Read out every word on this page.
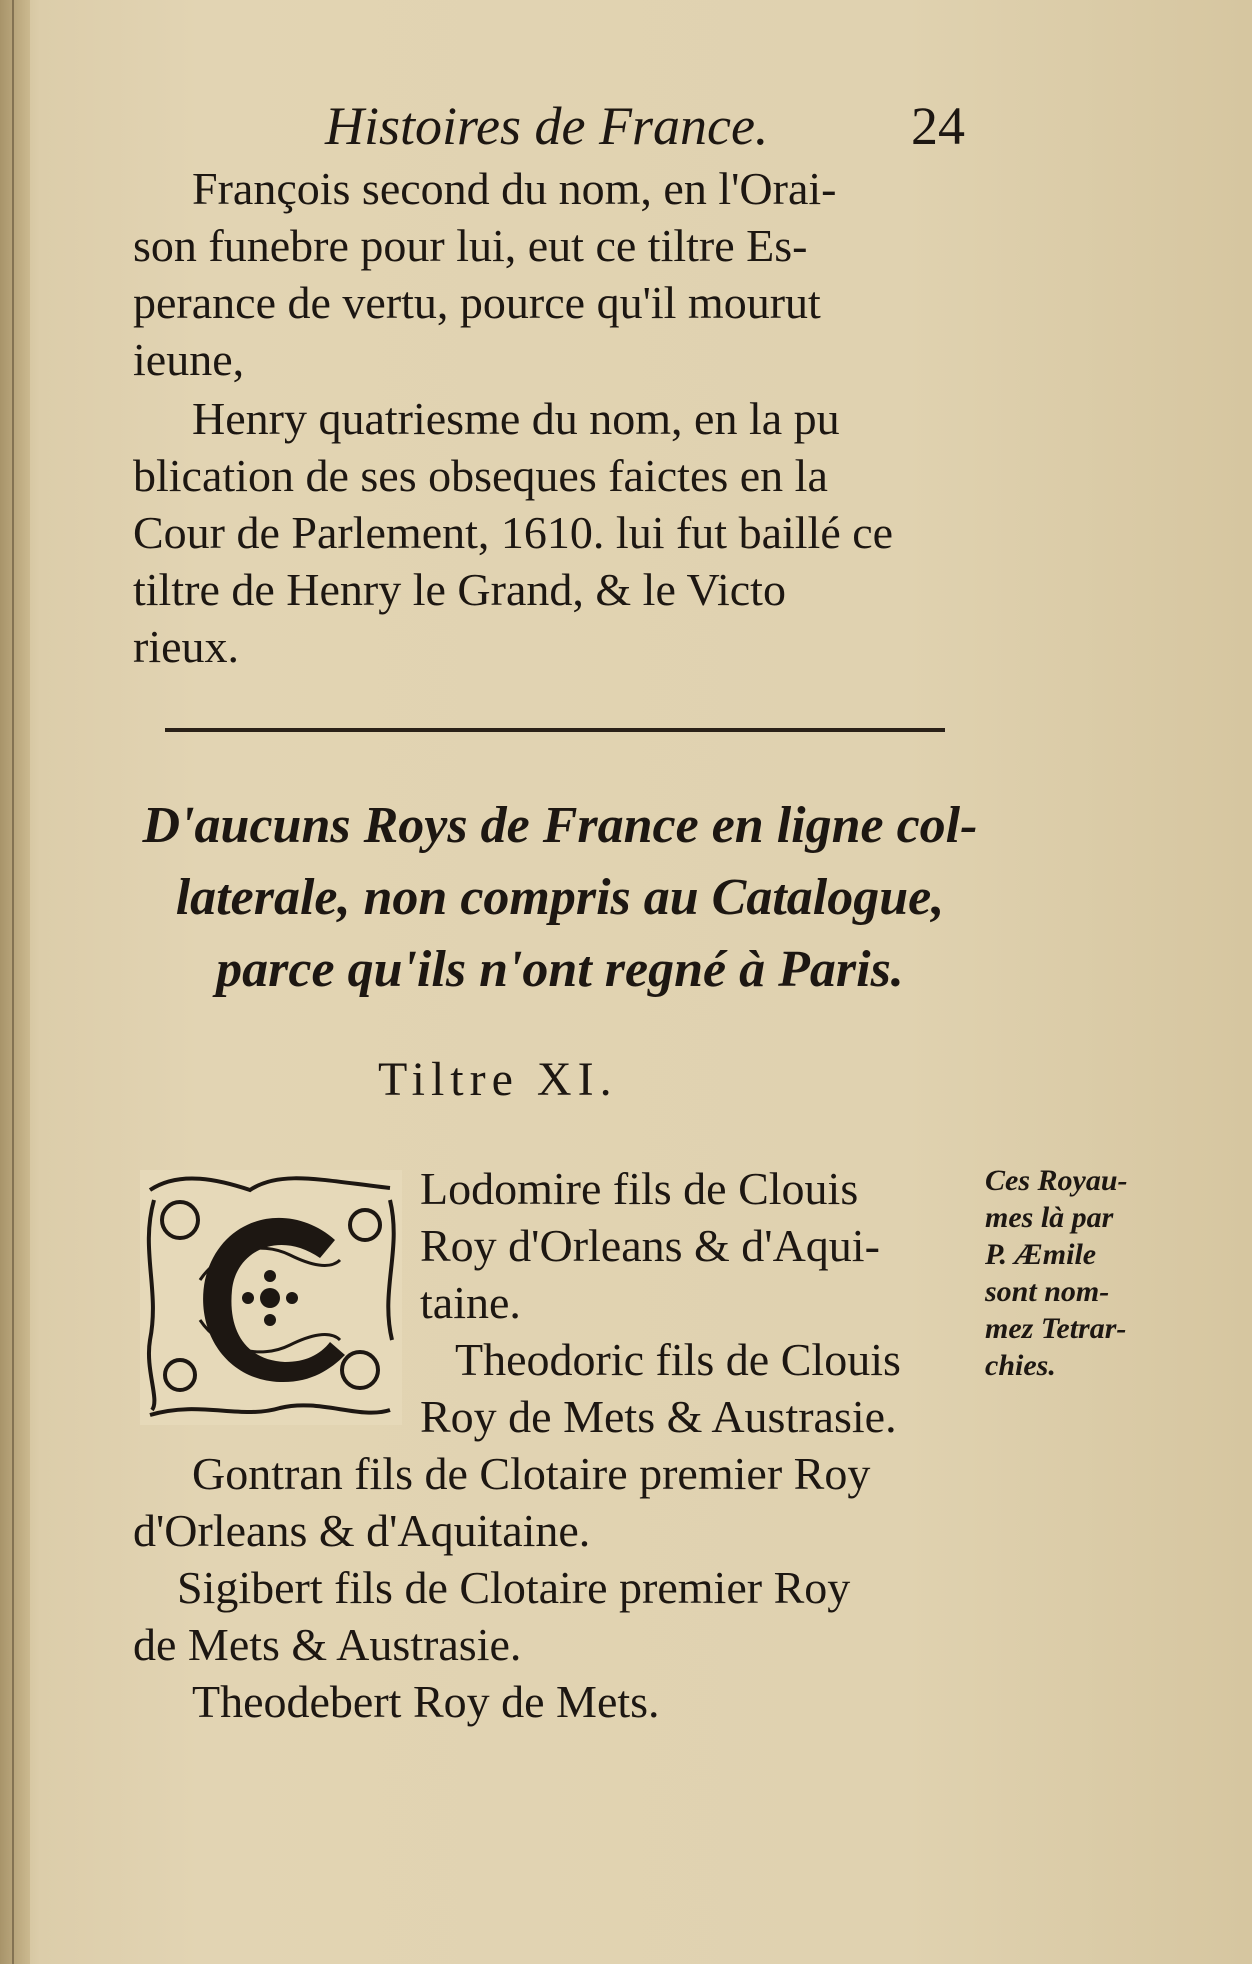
Histoires de France.	24
François second du nom, en l'Orai-
son funebre pour lui, eut ce tiltre Es-
perance de vertu, pource qu'il mourut
ieune,
Henry quatriesme du nom, en la pu
blication de ses obseques faictes en la
Cour de Parlement, 1610. lui fut baillé ce
tiltre de Henry le Grand, & le Victo
rieux.
D'aucuns Roys de France en ligne col-
laterale, non compris au Catalogue,
parce qu'ils n'ont regné à Paris.
Tiltre XI.
Lodomire fils de Clouis
Roy d'Orleans & d'Aqui-
taine.
Theodoric fils de Clouis
Roy de Mets & Austrasie.
Gontran fils de Clotaire premier Roy
d'Orleans & d'Aquitaine.
Sigibert fils de Clotaire premier Roy
de Mets & Austrasie.
Theodebert Roy de Mets.
Ces Royau-
mes là par
P. Æmile
sont nom-
mez Tetrar-
chies.
